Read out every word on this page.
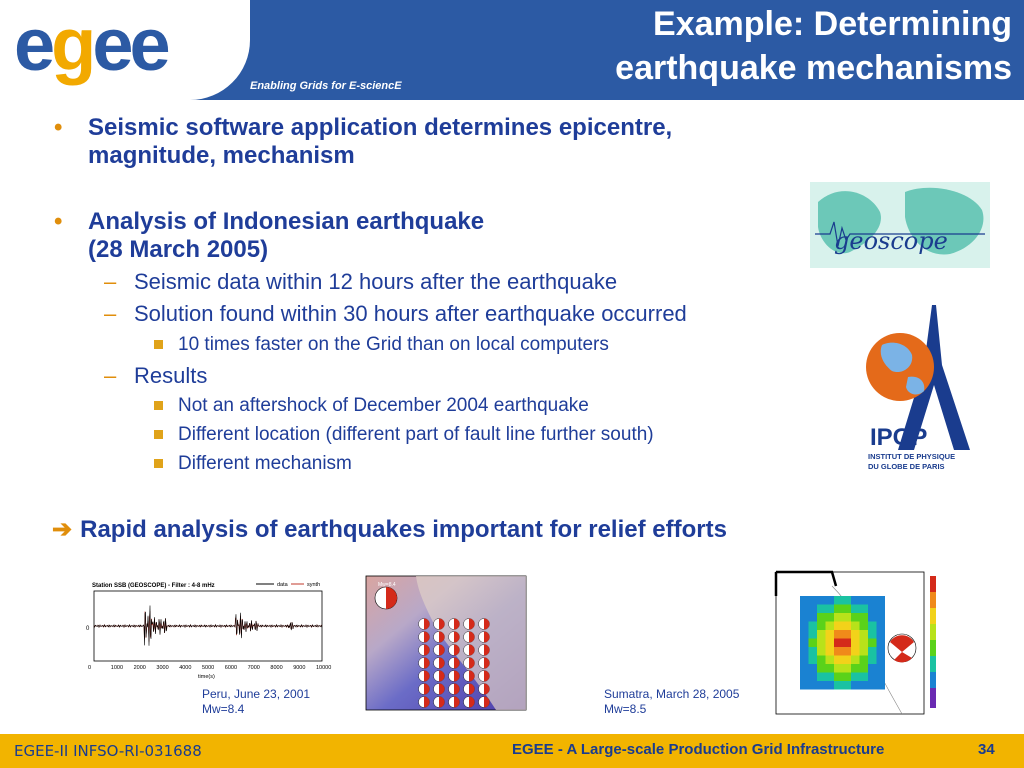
egee	Enabling Grids for E-sciencE
Example: Determining
earthquake mechanisms
• Seismic software application determines epicentre,
magnitude, mechanism
• Analysis of Indonesian earthquake
(28 March 2005)
– Seismic data within 12 hours after the earthquake
– Solution found within 30 hours after earthquake occurred
10 times faster on the Grid than on local computers
– Results
Not an aftershock of December 2004 earthquake
Different location (different part of fault line further south)
Different mechanism
➔ Rapid analysis of earthquakes important for relief efforts
geoscope
IPGP
INSTITUT DE PHYSIQUE
DU GLOBE DE PARIS
Station SSB (GEOSCOPE) - Filter : 4-8 mHz	data	synth
0
0	1000 2000 3000 4000 5000 6000 7000 8000 9000 10000
time(s)
Mw=8.4
Peru, June 23, 2001
Mw=8.4
Sumatra, March 28, 2005
Mw=8.5
EGEE-II INFSO-RI-031688	EGEE - A Large-scale Production Grid Infrastructure	34
